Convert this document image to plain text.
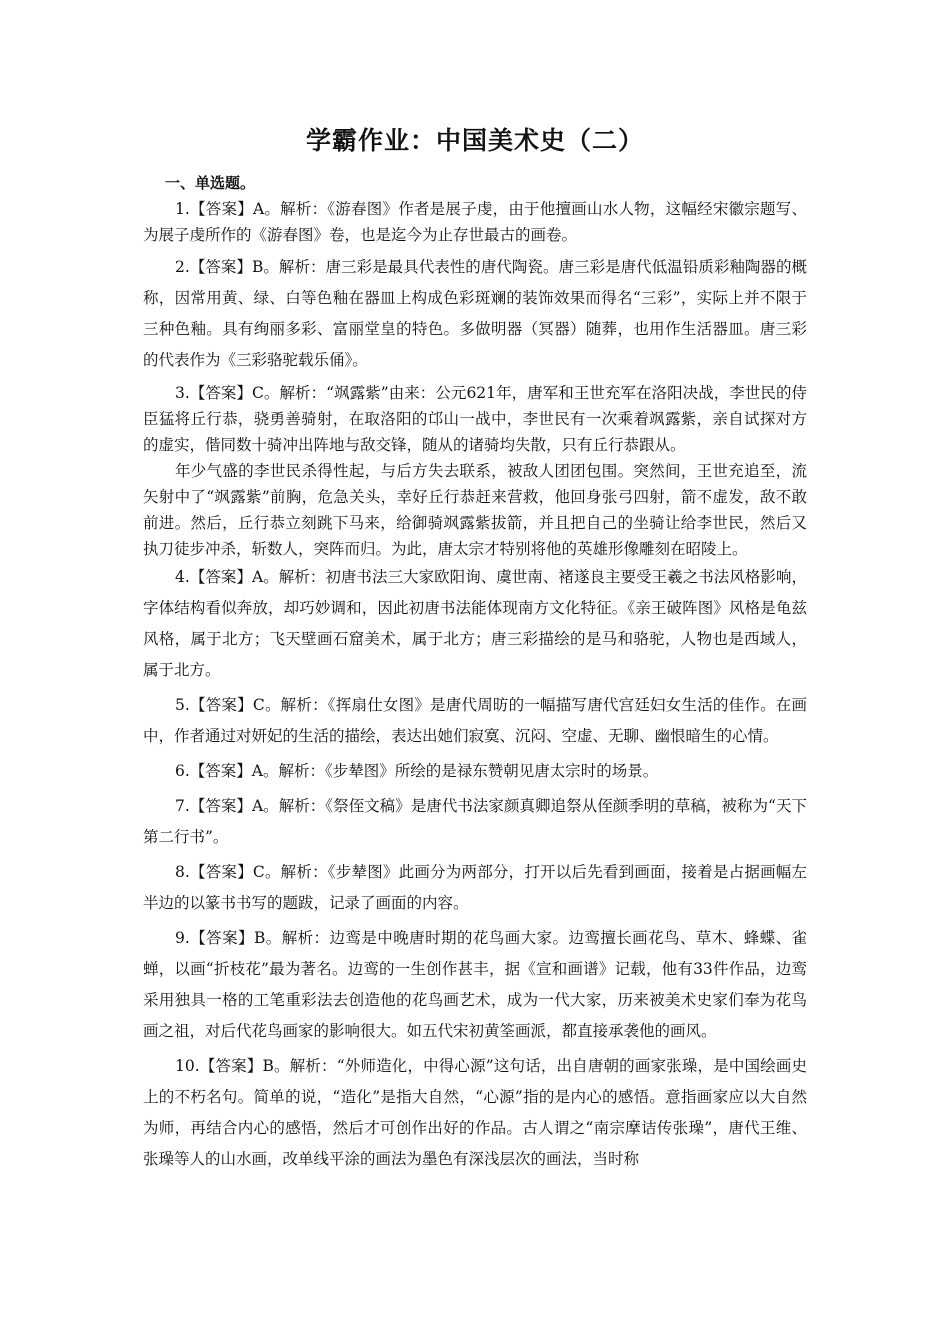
学霸作业：中国美术史（二）
一、单选题。

1.【答案】A。解析：《游春图》作者是展子虔，由于他擅画山水人物，这幅经宋徽宗题写、为展子虔所作的《游春图》卷，也是迄今为止存世最古的画卷。

2.【答案】B。解析：唐三彩是最具代表性的唐代陶瓷。唐三彩是唐代低温铅质彩釉陶器的概称，因常用黄、绿、白等色釉在器皿上构成色彩斑斓的装饰效果而得名“三彩”，实际上并不限于三种色釉。具有绚丽多彩、富丽堂皇的特色。多做明器（冥器）随葬，也用作生活器皿。唐三彩的代表作为《三彩骆驼载乐俑》。

3.【答案】C。解析：“飒露紫”由来：公元621年，唐军和王世充军在洛阳决战，李世民的侍臣猛将丘行恭，骁勇善骑射，在取洛阳的邙山一战中，李世民有一次乘着飒露紫，亲自试探对方的虚实，偕同数十骑冲出阵地与敌交锋，随从的诸骑均失散，只有丘行恭跟从。

年少气盛的李世民杀得性起，与后方失去联系，被敌人团团包围。突然间，王世充追至，流矢射中了“飒露紫”前胸，危急关头，幸好丘行恭赶来营救，他回身张弓四射，箭不虚发，敌不敢前进。然后，丘行恭立刻跳下马来，给御骑飒露紫拔箭，并且把自己的坐骑让给李世民，然后又执刀徒步冲杀，斩数人，突阵而归。为此，唐太宗才特别将他的英雄形像雕刻在昭陵上。

4.【答案】A。解析：初唐书法三大家欧阳询、虞世南、褚遂良主要受王羲之书法风格影响，字体结构看似奔放，却巧妙调和，因此初唐书法能体现南方文化特征。《亲王破阵图》风格是龟兹风格，属于北方；飞天壁画石窟美术，属于北方；唐三彩描绘的是马和骆驼，人物也是西域人，属于北方。

5.【答案】C。解析：《挥扇仕女图》是唐代周昉的一幅描写唐代宫廷妇女生活的佳作。在画中，作者通过对妍妃的生活的描绘，表达出她们寂寞、沉闷、空虚、无聊、幽恨暗生的心情。

6.【答案】A。解析：《步辇图》所绘的是禄东赞朝见唐太宗时的场景。

7.【答案】A。解析：《祭侄文稿》是唐代书法家颜真卿追祭从侄颜季明的草稿，被称为“天下第二行书”。

8.【答案】C。解析：《步辇图》此画分为两部分，打开以后先看到画面，接着是占据画幅左半边的以篆书书写的题跋，记录了画面的内容。

9.【答案】B。解析：边鸾是中晚唐时期的花鸟画大家。边鸾擅长画花鸟、草木、蜂蝶、雀蝉，以画“折枝花”最为著名。边鸾的一生创作甚丰，据《宣和画谱》记载，他有33件作品，边鸾采用独具一格的工笔重彩法去创造他的花鸟画艺术，成为一代大家，历来被美术史家们奉为花鸟画之祖，对后代花鸟画家的影响很大。如五代宋初黄筌画派，都直接承袭他的画风。

10.【答案】B。解析：“外师造化，中得心源”这句话，出自唐朝的画家张璪，是中国绘画史上的不朽名句。简单的说，“造化”是指大自然，“心源”指的是内心的感悟。意指画家应以大自然为师，再结合内心的感悟，然后才可创作出好的作品。古人谓之“南宗摩诘传张璪”，唐代王维、张璪等人的山水画，改单线平涂的画法为墨色有深浅层次的画法，当时称
